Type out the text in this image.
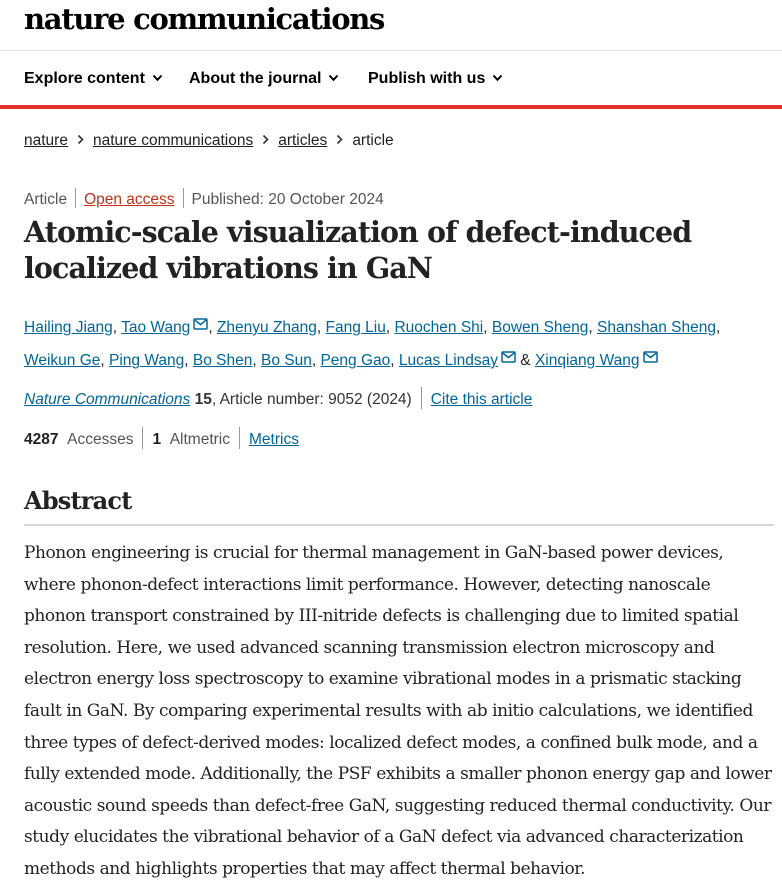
nature communications
Explore content	About the journal	Publish with us
nature nature communications articles article
Article Open access Published: 20 October 2024
Atomic-scale visualization of defect-induced localized vibrations in GaN
Hailing Jiang, Tao Wang , Zhenyu Zhang, Fang Liu, Ruochen Shi, Bowen Sheng, Shanshan Sheng, Weikun Ge, Ping Wang, Bo Shen, Bo Sun, Peng Gao, Lucas Lindsay & Xinqiang Wang
Nature Communications 15, Article number: 9052 (2024) Cite this article
4287 Accesses 1 Altmetric Metrics
Abstract

Phonon engineering is crucial for thermal management in GaN-based power devices, where phonon-defect interactions limit performance. However, detecting nanoscale phonon transport constrained by III-nitride defects is challenging due to limited spatial resolution. Here, we used advanced scanning transmission electron microscopy and electron energy loss spectroscopy to examine vibrational modes in a prismatic stacking fault in GaN. By comparing experimental results with ab initio calculations, we identified three types of defect-derived modes: localized defect modes, a confined bulk mode, and a fully extended mode. Additionally, the PSF exhibits a smaller phonon energy gap and lower acoustic sound speeds than defect-free GaN, suggesting reduced thermal conductivity. Our study elucidates the vibrational behavior of a GaN defect via advanced characterization methods and highlights properties that may affect thermal behavior.
